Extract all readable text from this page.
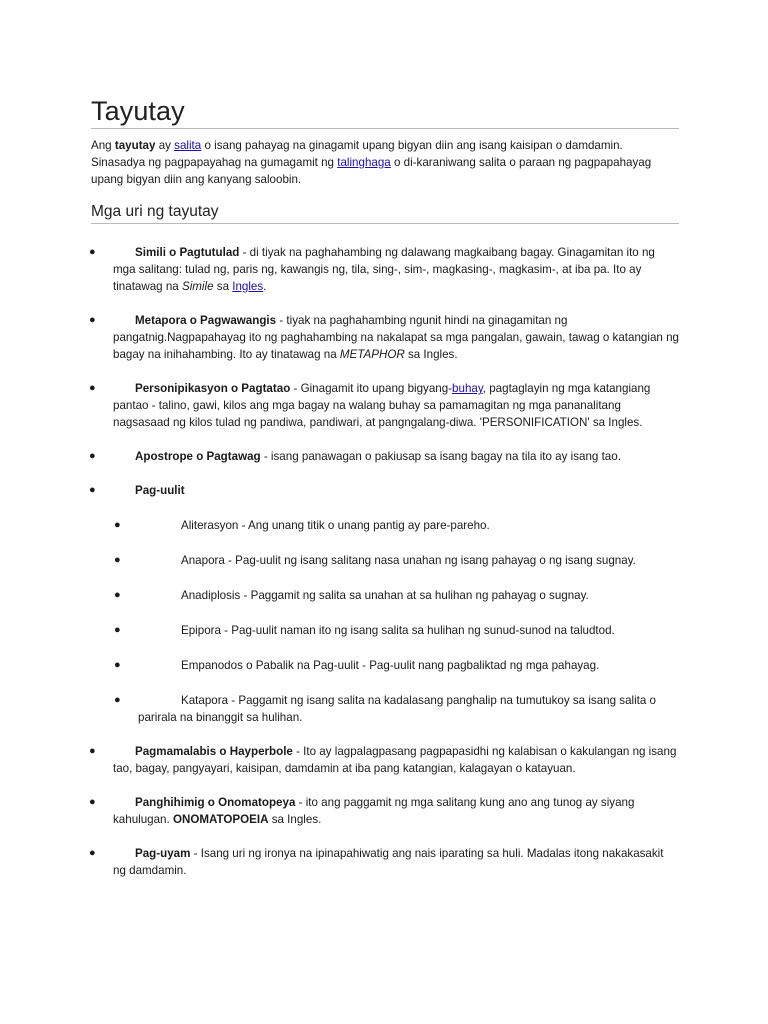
Tayutay

Ang tayutay ay salita o isang pahayag na ginagamit upang bigyan diin ang isang kaisipan o damdamin. Sinasadya ng pagpapayahag na gumagamit ng talinghaga o di-karaniwang salita o paraan ng pagpapahayag upang bigyan diin ang kanyang saloobin.

Mga uri ng tayutay
●	Simili o Pagtutulad - di tiyak na paghahambing ng dalawang magkaibang bagay. Ginagamitan ito ng mga salitang: tulad ng, paris ng, kawangis ng, tila, sing-, sim-, magkasing-, magkasim-, at iba pa. Ito ay tinatawag na Simile sa Ingles.
●	Metapora o Pagwawangis - tiyak na paghahambing ngunit hindi na ginagamitan ng pangatnig.Nagpapahayag ito ng paghahambing na nakalapat sa mga pangalan, gawain, tawag o katangian ng bagay na inihahambing. Ito ay tinatawag na METAPHOR sa Ingles.
●	Personipikasyon o Pagtatao - Ginagamit ito upang bigyang-buhay, pagtaglayin ng mga katangiang pantao - talino, gawi, kilos ang mga bagay na walang buhay sa pamamagitan ng mga pananalitang nagsasaad ng kilos tulad ng pandiwa, pandiwari, at pangngalang-diwa. 'PERSONIFICATION' sa Ingles.
●	Apostrope o Pagtawag - isang panawagan o pakiusap sa isang bagay na tila ito ay isang tao.
●	Pag-uulit
●	Aliterasyon - Ang unang titik o unang pantig ay pare-pareho.
●	Anapora - Pag-uulit ng isang salitang nasa unahan ng isang pahayag o ng isang sugnay.
●	Anadiplosis - Paggamit ng salita sa unahan at sa hulihan ng pahayag o sugnay.
●	Epipora - Pag-uulit naman ito ng isang salita sa hulihan ng sunud-sunod na taludtod.
●	Empanodos o Pabalik na Pag-uulit - Pag-uulit nang pagbaliktad ng mga pahayag.
●	Katapora - Paggamit ng isang salita na kadalasang panghalip na tumutukoy sa isang salita o parirala na binanggit sa hulihan.
●	Pagmamalabis o Hayperbole - Ito ay lagpalagpasang pagpapasidhi ng kalabisan o kakulangan ng isang tao, bagay, pangyayari, kaisipan, damdamin at iba pang katangian, kalagayan o katayuan.
●	Panghihimig o Onomatopeya - ito ang paggamit ng mga salitang kung ano ang tunog ay siyang kahulugan. ONOMATOPOEIA sa Ingles.
●	Pag-uyam - Isang uri ng ironya na ipinapahiwatig ang nais iparating sa huli. Madalas itong nakakasakit ng damdamin.
